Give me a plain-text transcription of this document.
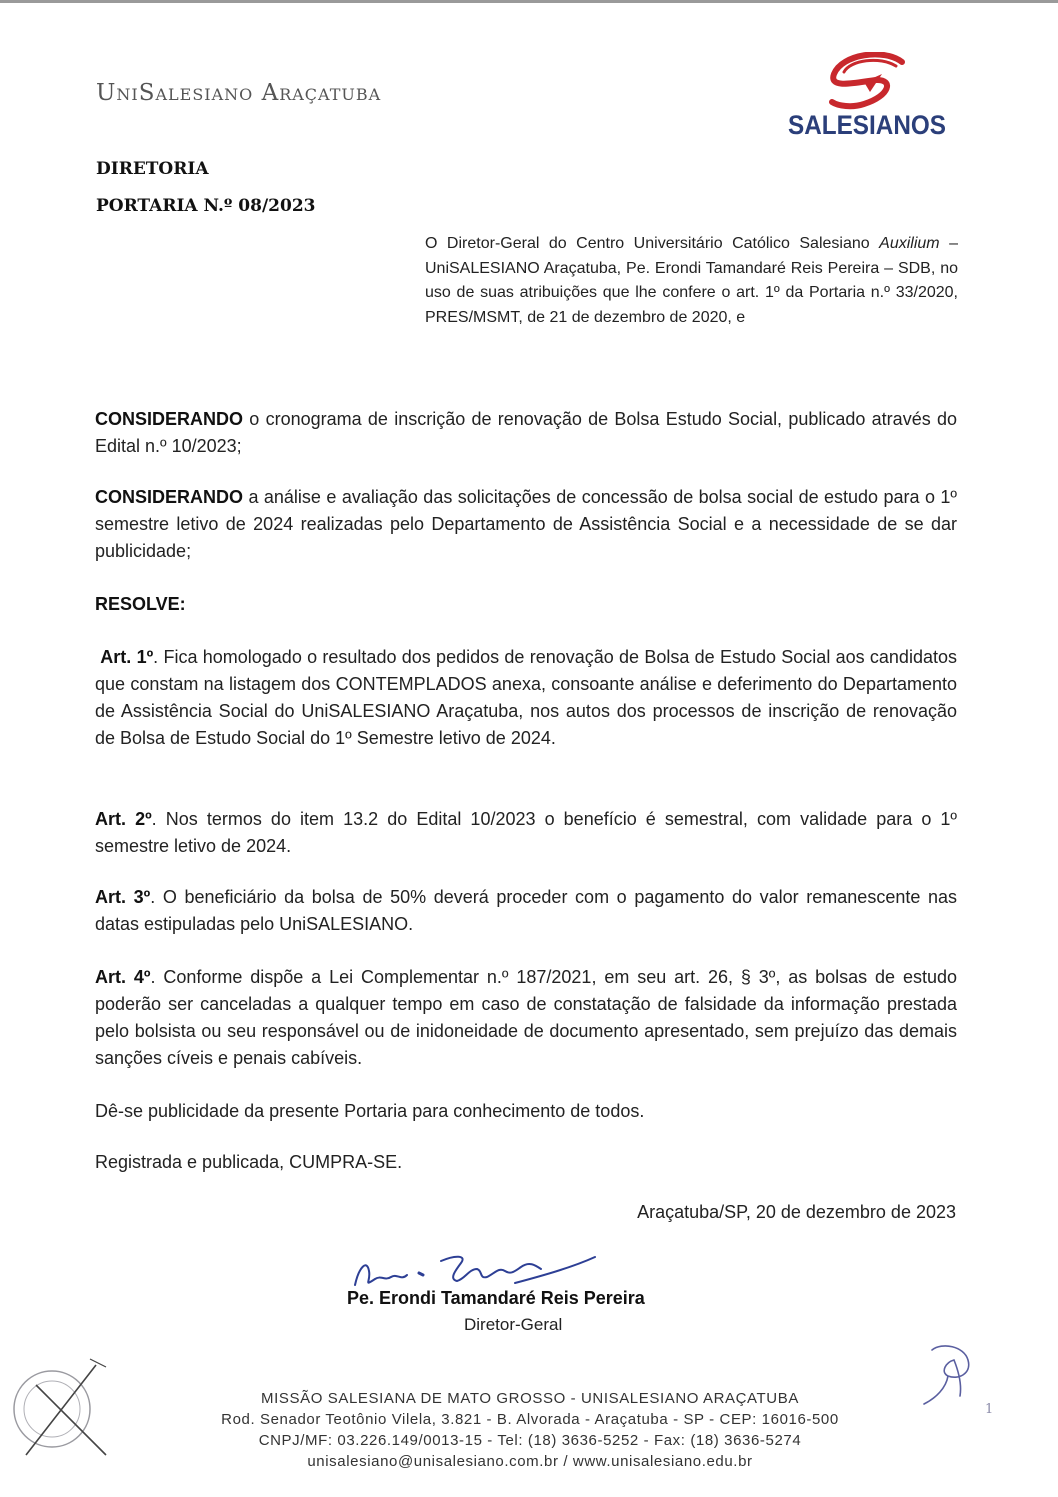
UniSalesiano Araçatuba
SALESIANOS
DIRETORIA
PORTARIA N.º 08/2023
O Diretor-Geral do Centro Universitário Católico Salesiano Auxilium – UniSALESIANO Araçatuba, Pe. Erondi Tamandaré Reis Pereira – SDB, no uso de suas atribuições que lhe confere o art. 1º da Portaria n.º 33/2020, PRES/MSMT, de 21 de dezembro de 2020, e
CONSIDERANDO o cronograma de inscrição de renovação de Bolsa Estudo Social, publicado através do Edital n.º 10/2023;
CONSIDERANDO a análise e avaliação das solicitações de concessão de bolsa social de estudo para o 1º semestre letivo de 2024 realizadas pelo Departamento de Assistência Social e a necessidade de se dar publicidade;
RESOLVE:
Art. 1º. Fica homologado o resultado dos pedidos de renovação de Bolsa de Estudo Social aos candidatos que constam na listagem dos CONTEMPLADOS anexa, consoante análise e deferimento do Departamento de Assistência Social do UniSALESIANO Araçatuba, nos autos dos processos de inscrição de renovação de Bolsa de Estudo Social do 1º Semestre letivo de 2024.
Art. 2º. Nos termos do item 13.2 do Edital 10/2023 o benefício é semestral, com validade para o 1º semestre letivo de 2024.
Art. 3º. O beneficiário da bolsa de 50% deverá proceder com o pagamento do valor remanescente nas datas estipuladas pelo UniSALESIANO.
Art. 4º. Conforme dispõe a Lei Complementar n.º 187/2021, em seu art. 26, § 3º, as bolsas de estudo poderão ser canceladas a qualquer tempo em caso de constatação de falsidade da informação prestada pelo bolsista ou seu responsável ou de inidoneidade de documento apresentado, sem prejuízo das demais sanções cíveis e penais cabíveis.
Dê-se publicidade da presente Portaria para conhecimento de todos.
Registrada e publicada, CUMPRA-SE.
Araçatuba/SP, 20 de dezembro de 2023
Pe. Erondi Tamandaré Reis Pereira
Diretor-Geral
MISSÃO SALESIANA DE MATO GROSSO - UNISALESIANO ARAÇATUBA
Rod. Senador Teotônio Vilela, 3.821 - B. Alvorada - Araçatuba - SP - CEP: 16016-500
CNPJ/MF: 03.226.149/0013-15 - Tel: (18) 3636-5252 - Fax: (18) 3636-5274
unisalesiano@unisalesiano.com.br / www.unisalesiano.edu.br
1
